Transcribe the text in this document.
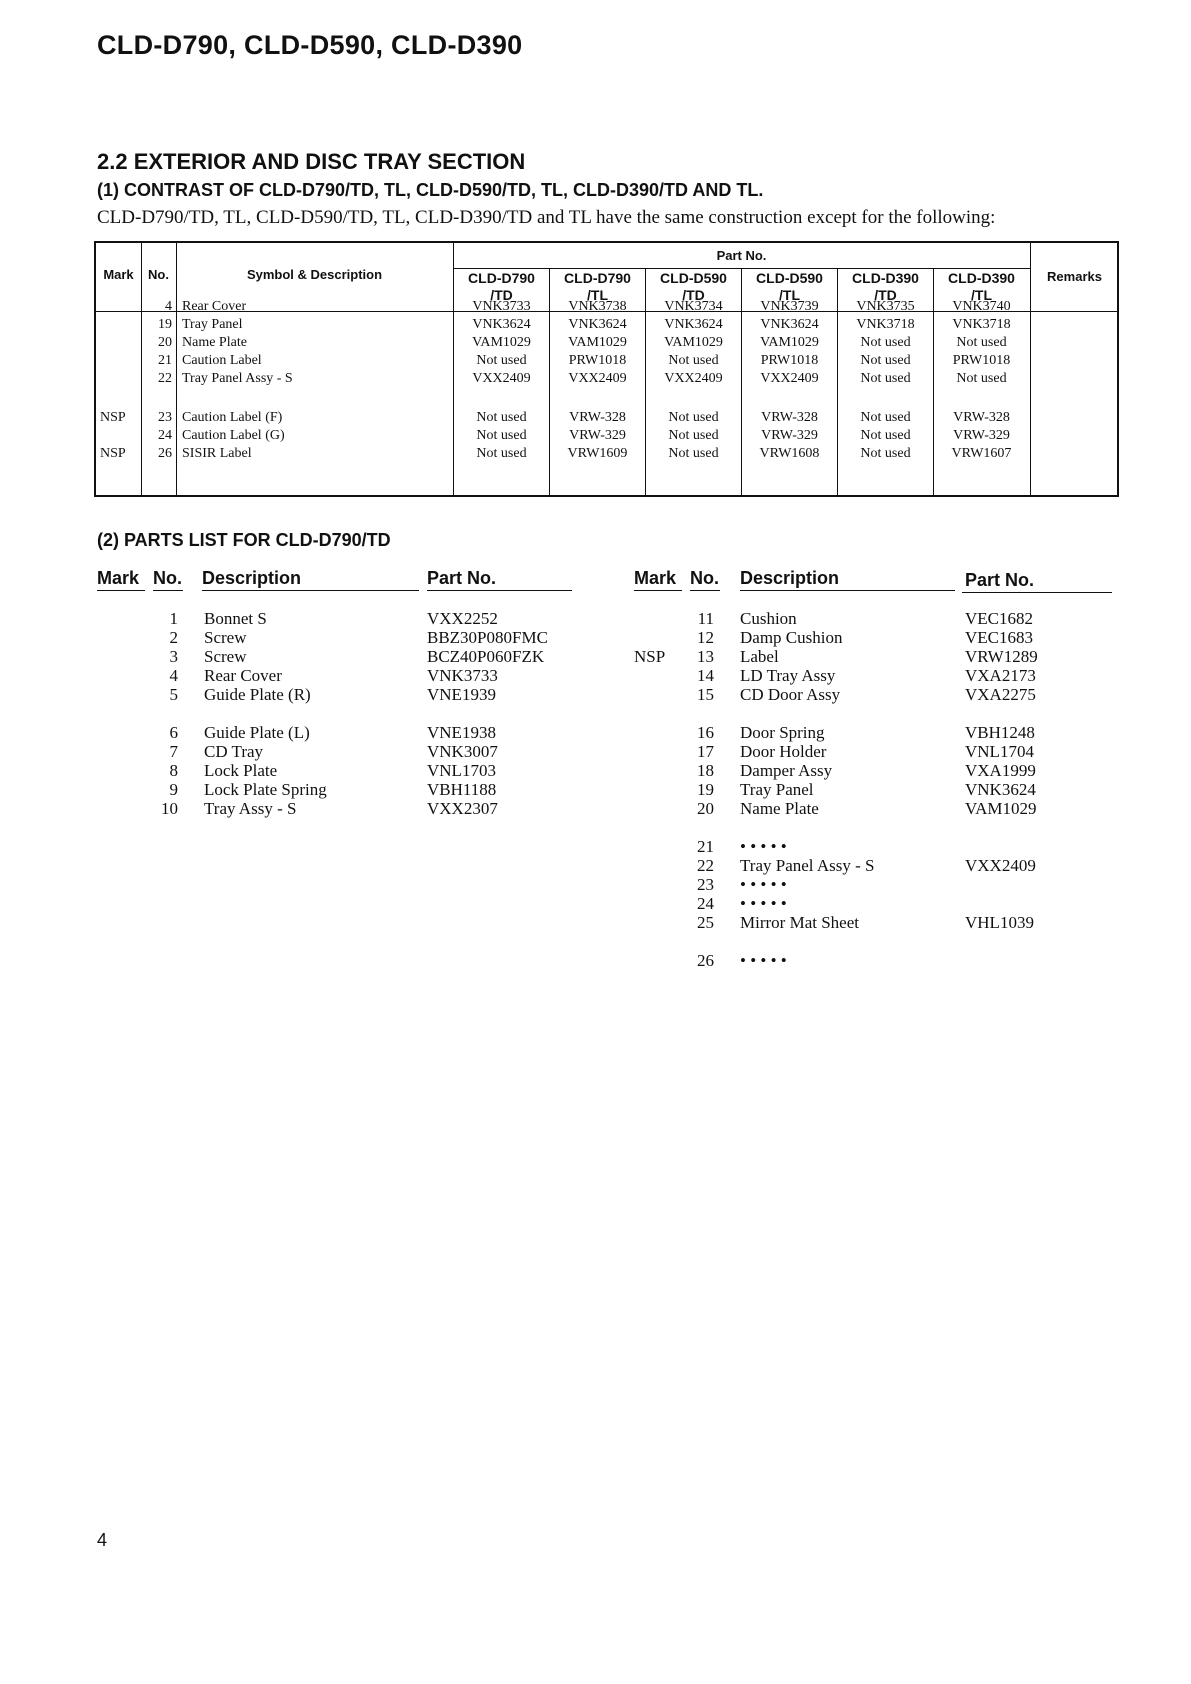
CLD-D790, CLD-D590, CLD-D390
2.2 EXTERIOR AND DISC TRAY SECTION
(1) CONTRAST OF CLD-D790/TD, TL, CLD-D590/TD, TL, CLD-D390/TD AND TL.
CLD-D790/TD, TL, CLD-D590/TD, TL, CLD-D390/TD and TL have the same construction except for the following:
Mark	No.	Symbol & Description
Part No.
Remarks
CLD-D790
/TD
CLD-D790
/TL
CLD-D590
/TD
CLD-D590
/TL
CLD-D390
/TD
CLD-D390
/TL
4 Rear Cover	VNK3733	VNK3738	VNK3734	VNK3739	VNK3735	VNK3740
19 Tray Panel	VNK3624	VNK3624	VNK3624	VNK3624	VNK3718	VNK3718
20 Name Plate	VAM1029	VAM1029	VAM1029	VAM1029	Not used	Not used
21 Caution Label	Not used	PRW1018	Not used	PRW1018	Not used	PRW1018
22 Tray Panel Assy - S	VXX2409	VXX2409	VXX2409	VXX2409	Not used	Not used
NSP	23 Caution Label (F)	Not used	VRW-328	Not used	VRW-328	Not used	VRW-328
24 Caution Label (G)	Not used	VRW-329	Not used	VRW-329	Not used	VRW-329
NSP	26 SISIR Label	Not used	VRW1609	Not used	VRW1608	Not used	VRW1607
(2) PARTS LIST FOR CLD-D790/TD
Mark No. Description	Part No.	Mark No. Description	Part No.
1 Bonnet S	VXX2252
2 Screw	BBZ30P080FMC
3 Screw	BCZ40P060FZK
4 Rear Cover	VNK3733
5 Guide Plate (R)	VNE1939
6 Guide Plate (L)	VNE1938
7 CD Tray	VNK3007
8 Lock Plate	VNL1703
9 Lock Plate Spring	VBH1188
10 Tray Assy - S	VXX2307
11 Cushion	VEC1682
12 Damp Cushion	VEC1683
NSP	13 Label	VRW1289
14 LD Tray Assy	VXA2173
15 CD Door Assy	VXA2275
16 Door Spring	VBH1248
17 Door Holder	VNL1704
18 Damper Assy	VXA1999
19 Tray Panel	VNK3624
20 Name Plate	VAM1029
21 • • • • •
22 Tray Panel Assy - S	VXX2409
23 • • • • •
24 • • • • •
25 Mirror Mat Sheet	VHL1039
26 • • • • •
4
